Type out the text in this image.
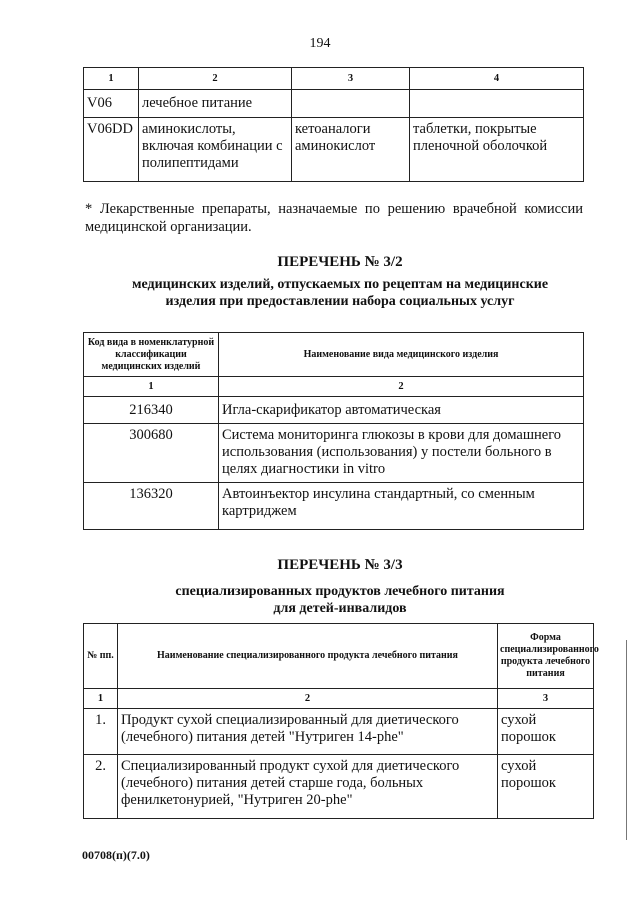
194
1	2	3	4
V06	лечебное питание		
V06DD	аминокислоты, включая комбинации с полипептидами	кетоаналоги аминокислот	таблетки, покрытые пленочной оболочкой
* Лекарственные препараты, назначаемые по решению врачебной комиссии медицинской организации.
ПЕРЕЧЕНЬ № 3/2
медицинских изделий, отпускаемых по рецептам на медицинские
изделия при предоставлении набора социальных услуг
Код вида в номенклатурной классификации медицинских изделий	Наименование вида медицинского изделия
1	2
216340	Игла-скарификатор автоматическая
300680	Система мониторинга глюкозы в крови для домашнего использования (использования) у постели больного в целях диагностики in vitro
136320	Автоинъектор инсулина стандартный, со сменным картриджем
ПЕРЕЧЕНЬ № 3/3
специализированных продуктов лечебного питания
для детей-инвалидов
№ пп.	Наименование специализированного продукта лечебного питания	Форма специализированного продукта лечебного питания
1	2	3
1.	Продукт сухой специализированный для диетического (лечебного) питания детей "Нутриген 14-phe"	сухой порошок
2.	Специализированный продукт сухой для диетического (лечебного) питания детей старше года, больных фенилкетонурией, "Нутриген 20-phe"	сухой порошок
00708(п)(7.0)
